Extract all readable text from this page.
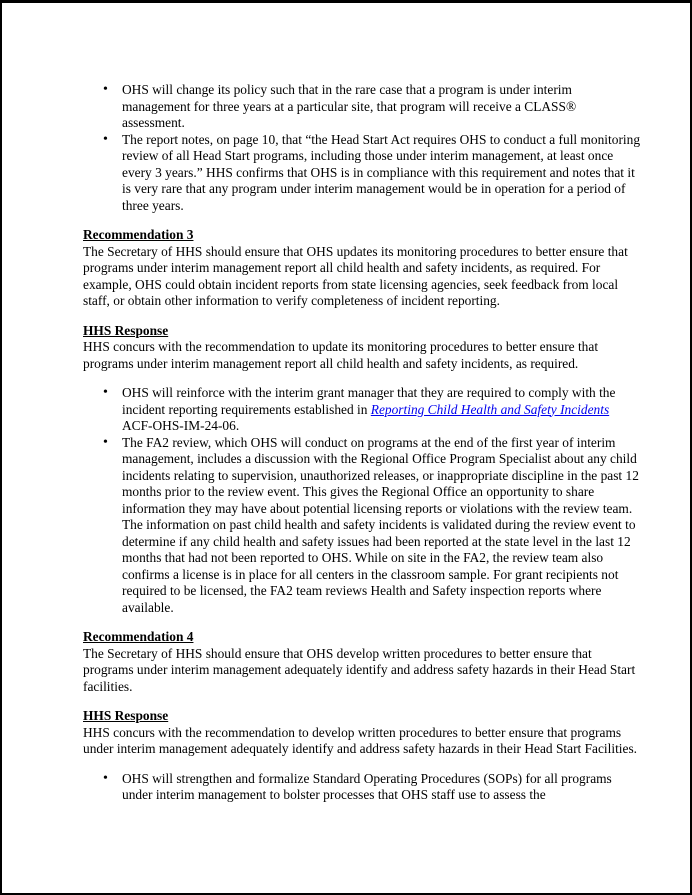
• OHS will change its policy such that in the rare case that a program is under interim management for three years at a particular site, that program will receive a CLASS® assessment.
• The report notes, on page 10, that “the Head Start Act requires OHS to conduct a full monitoring review of all Head Start programs, including those under interim management, at least once every 3 years.” HHS confirms that OHS is in compliance with this requirement and notes that it is very rare that any program under interim management would be in operation for a period of three years.
Recommendation 3

The Secretary of HHS should ensure that OHS updates its monitoring procedures to better ensure that programs under interim management report all child health and safety incidents, as required. For example, OHS could obtain incident reports from state licensing agencies, seek feedback from local staff, or obtain other information to verify completeness of incident reporting.

HHS Response

HHS concurs with the recommendation to update its monitoring procedures to better ensure that programs under interim management report all child health and safety incidents, as required.

• OHS will reinforce with the interim grant manager that they are required to comply with the incident reporting requirements established in Reporting Child Health and Safety Incidents ACF-OHS-IM-24-06.
• The FA2 review, which OHS will conduct on programs at the end of the first year of interim management, includes a discussion with the Regional Office Program Specialist about any child incidents relating to supervision, unauthorized releases, or inappropriate discipline in the past 12 months prior to the review event. This gives the Regional Office an opportunity to share information they may have about potential licensing reports or violations with the review team. The information on past child health and safety incidents is validated during the review event to determine if any child health and safety issues had been reported at the state level in the last 12 months that had not been reported to OHS. While on site in the FA2, the review team also confirms a license is in place for all centers in the classroom sample. For grant recipients not required to be licensed, the FA2 team reviews Health and Safety inspection reports where available.
Recommendation 4

The Secretary of HHS should ensure that OHS develop written procedures to better ensure that programs under interim management adequately identify and address safety hazards in their Head Start facilities.

HHS Response

HHS concurs with the recommendation to develop written procedures to better ensure that programs under interim management adequately identify and address safety hazards in their Head Start Facilities.

• OHS will strengthen and formalize Standard Operating Procedures (SOPs) for all programs under interim management to bolster processes that OHS staff use to assess the
